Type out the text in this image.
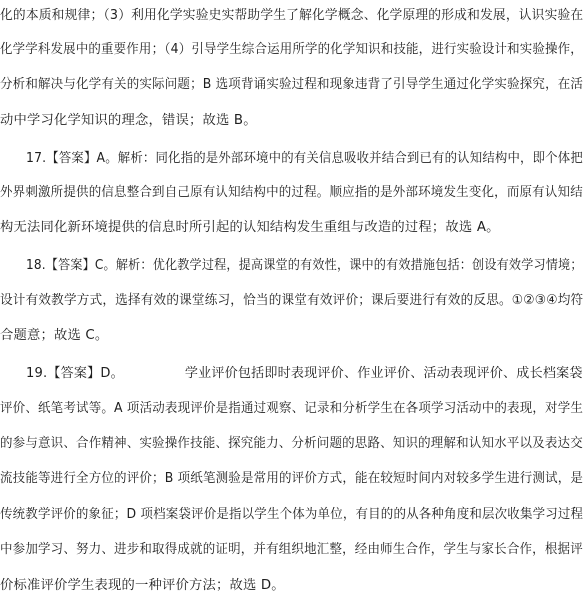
化的本质和规律；（3）利用化学实验史实帮助学生了解化学概念、化学原理的形成和发展，认识实验在
化学学科发展中的重要作用；（4）引导学生综合运用所学的化学知识和技能，进行实验设计和实验操作，
分析和解决与化学有关的实际问题；B 选项背诵实验过程和现象违背了引导学生通过化学实验探究，在活
动中学习化学知识的理念，错误；故选 B。
17.【答案】A。解析：同化指的是外部环境中的有关信息吸收并结合到已有的认知结构中，即个体把
外界刺激所提供的信息整合到自己原有认知结构中的过程。顺应指的是外部环境发生变化，而原有认知结
构无法同化新环境提供的信息时所引起的认知结构发生重组与改造的过程；故选 A。
18.【答案】C。解析：优化教学过程，提高课堂的有效性，课中的有效措施包括：创设有效学习情境；
设计有效教学方式，选择有效的课堂练习，恰当的课堂有效评价；课后要进行有效的反思。①②③④均符
合题意；故选 C。
19.【答案】D。	学业评价包括即时表现评价、作业评价、活动表现评价、成长档案袋
评价、纸笔考试等。A 项活动表现评价是指通过观察、记录和分析学生在各项学习活动中的表现，对学生
的参与意识、合作精神、实验操作技能、探究能力、分析问题的思路、知识的理解和认知水平以及表达交
流技能等进行全方位的评价；B 项纸笔测验是常用的评价方式，能在较短时间内对较多学生进行测试，是
传统教学评价的象征；D 项档案袋评价是指以学生个体为单位，有目的的从各种角度和层次收集学习过程
中参加学习、努力、进步和取得成就的证明，并有组织地汇整，经由师生合作，学生与家长合作，根据评
价标准评价学生表现的一种评价方法；故选 D。
